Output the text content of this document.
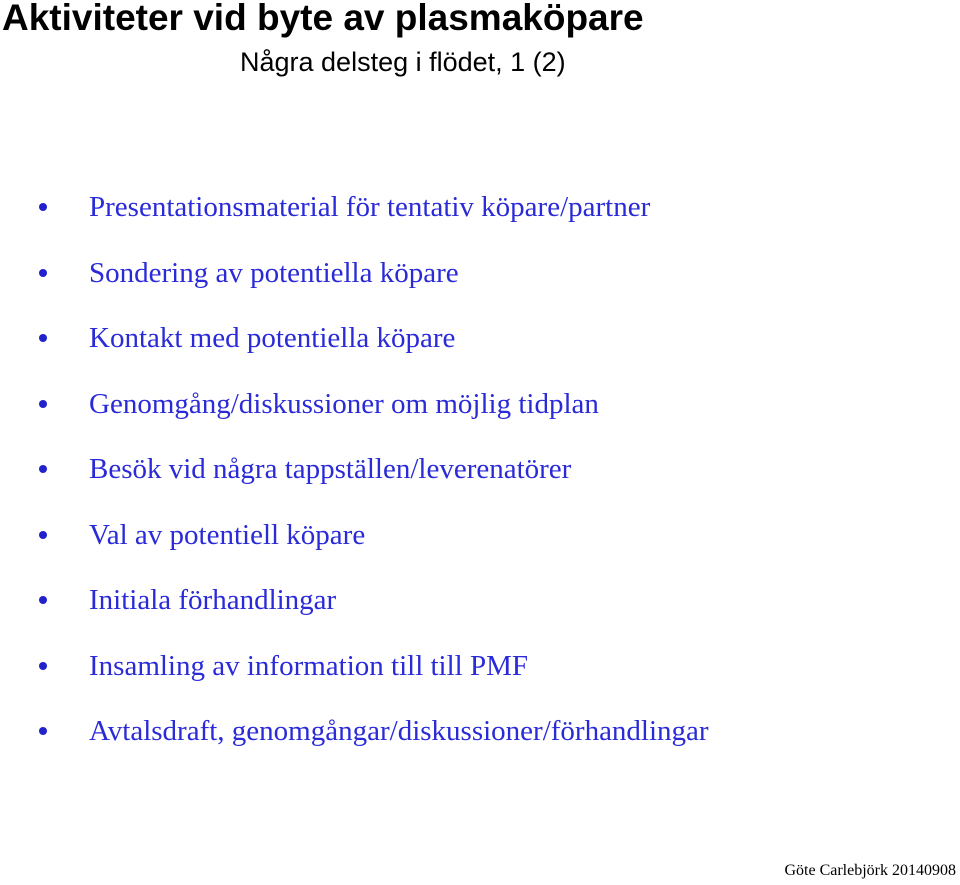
Aktiviteter vid byte av plasmaköpare
Några delsteg i flödet, 1 (2)
Presentationsmaterial för tentativ köpare/partner
Sondering av potentiella köpare
Kontakt med potentiella köpare
Genomgång/diskussioner om möjlig tidplan
Besök vid några tappställen/leverenatörer
Val av potentiell köpare
Initiala förhandlingar
Insamling av information till till PMF
Avtalsdraft, genomgångar/diskussioner/förhandlingar
Göte Carlebjörk 20140908
